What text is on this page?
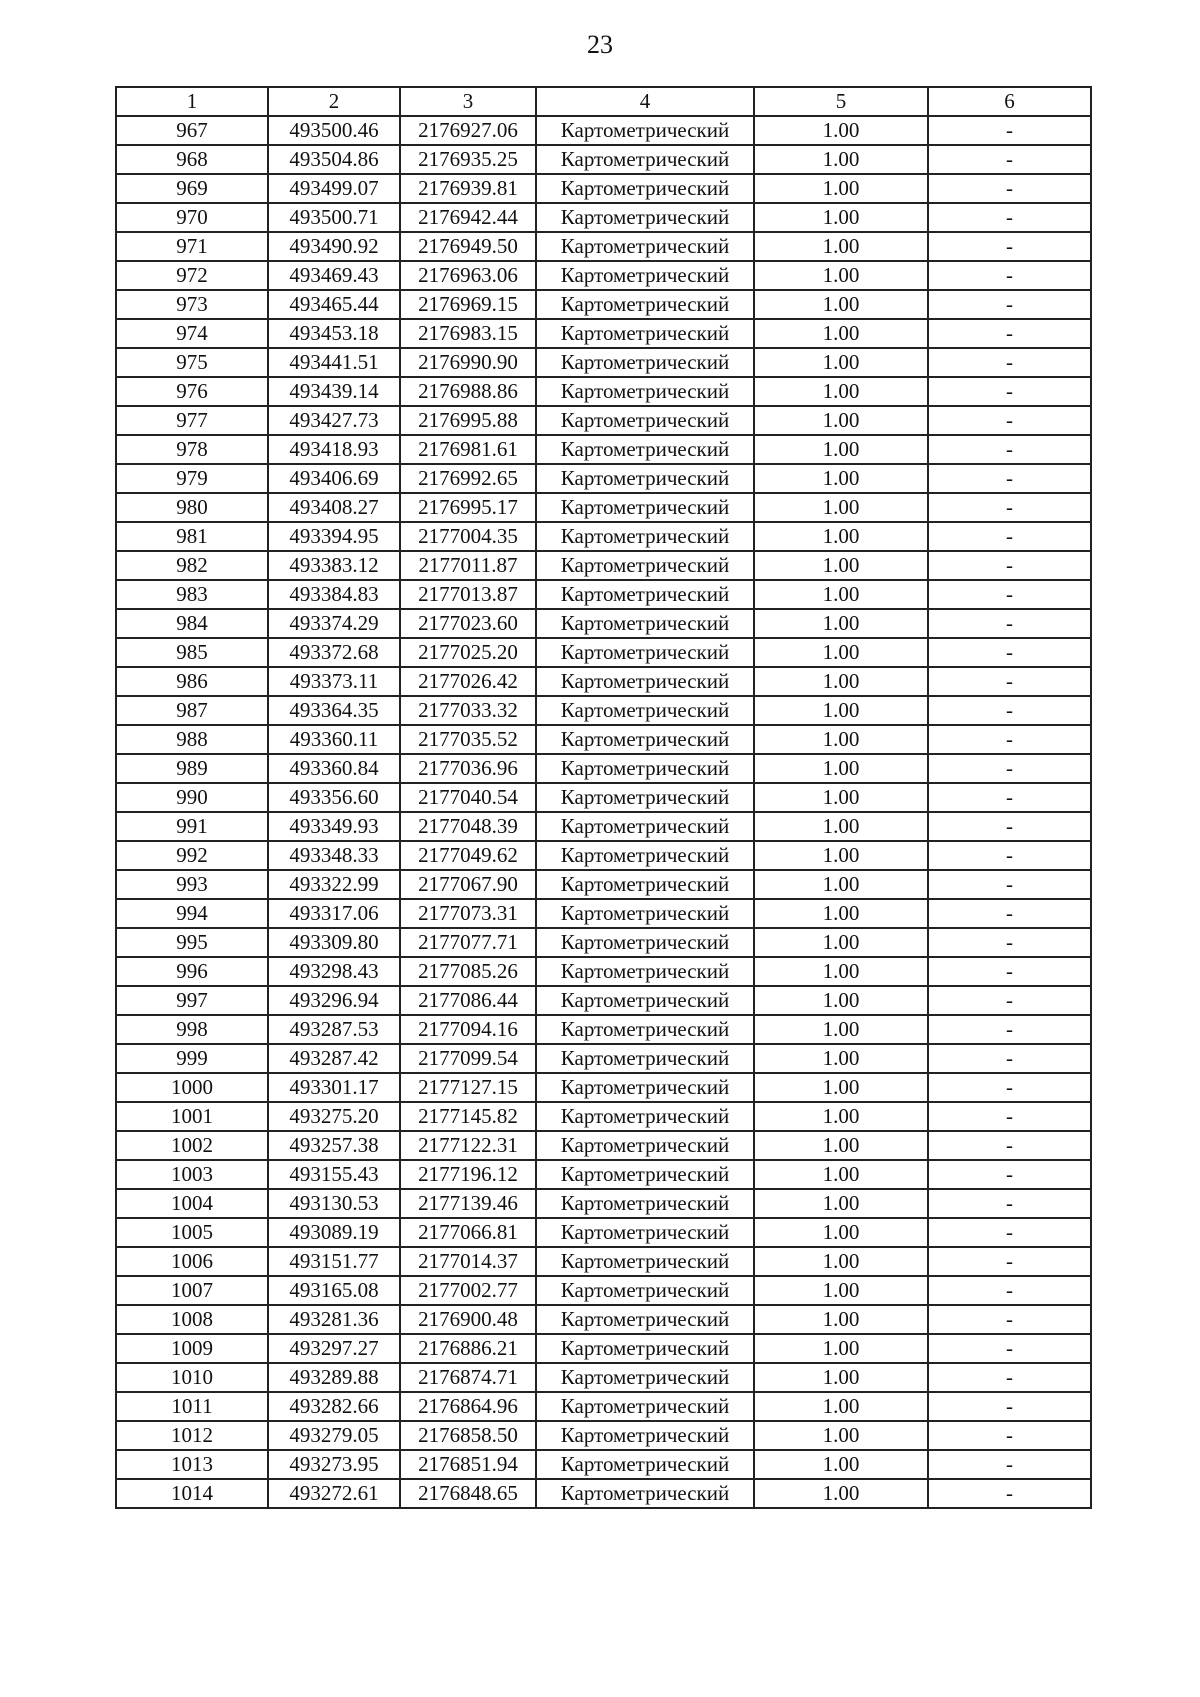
23
1	2	3	4	5	6
967	493500.46	2176927.06	Картометрический	1.00	-
968	493504.86	2176935.25	Картометрический	1.00	-
969	493499.07	2176939.81	Картометрический	1.00	-
970	493500.71	2176942.44	Картометрический	1.00	-
971	493490.92	2176949.50	Картометрический	1.00	-
972	493469.43	2176963.06	Картометрический	1.00	-
973	493465.44	2176969.15	Картометрический	1.00	-
974	493453.18	2176983.15	Картометрический	1.00	-
975	493441.51	2176990.90	Картометрический	1.00	-
976	493439.14	2176988.86	Картометрический	1.00	-
977	493427.73	2176995.88	Картометрический	1.00	-
978	493418.93	2176981.61	Картометрический	1.00	-
979	493406.69	2176992.65	Картометрический	1.00	-
980	493408.27	2176995.17	Картометрический	1.00	-
981	493394.95	2177004.35	Картометрический	1.00	-
982	493383.12	2177011.87	Картометрический	1.00	-
983	493384.83	2177013.87	Картометрический	1.00	-
984	493374.29	2177023.60	Картометрический	1.00	-
985	493372.68	2177025.20	Картометрический	1.00	-
986	493373.11	2177026.42	Картометрический	1.00	-
987	493364.35	2177033.32	Картометрический	1.00	-
988	493360.11	2177035.52	Картометрический	1.00	-
989	493360.84	2177036.96	Картометрический	1.00	-
990	493356.60	2177040.54	Картометрический	1.00	-
991	493349.93	2177048.39	Картометрический	1.00	-
992	493348.33	2177049.62	Картометрический	1.00	-
993	493322.99	2177067.90	Картометрический	1.00	-
994	493317.06	2177073.31	Картометрический	1.00	-
995	493309.80	2177077.71	Картометрический	1.00	-
996	493298.43	2177085.26	Картометрический	1.00	-
997	493296.94	2177086.44	Картометрический	1.00	-
998	493287.53	2177094.16	Картометрический	1.00	-
999	493287.42	2177099.54	Картометрический	1.00	-
1000	493301.17	2177127.15	Картометрический	1.00	-
1001	493275.20	2177145.82	Картометрический	1.00	-
1002	493257.38	2177122.31	Картометрический	1.00	-
1003	493155.43	2177196.12	Картометрический	1.00	-
1004	493130.53	2177139.46	Картометрический	1.00	-
1005	493089.19	2177066.81	Картометрический	1.00	-
1006	493151.77	2177014.37	Картометрический	1.00	-
1007	493165.08	2177002.77	Картометрический	1.00	-
1008	493281.36	2176900.48	Картометрический	1.00	-
1009	493297.27	2176886.21	Картометрический	1.00	-
1010	493289.88	2176874.71	Картометрический	1.00	-
1011	493282.66	2176864.96	Картометрический	1.00	-
1012	493279.05	2176858.50	Картометрический	1.00	-
1013	493273.95	2176851.94	Картометрический	1.00	-
1014	493272.61	2176848.65	Картометрический	1.00	-
